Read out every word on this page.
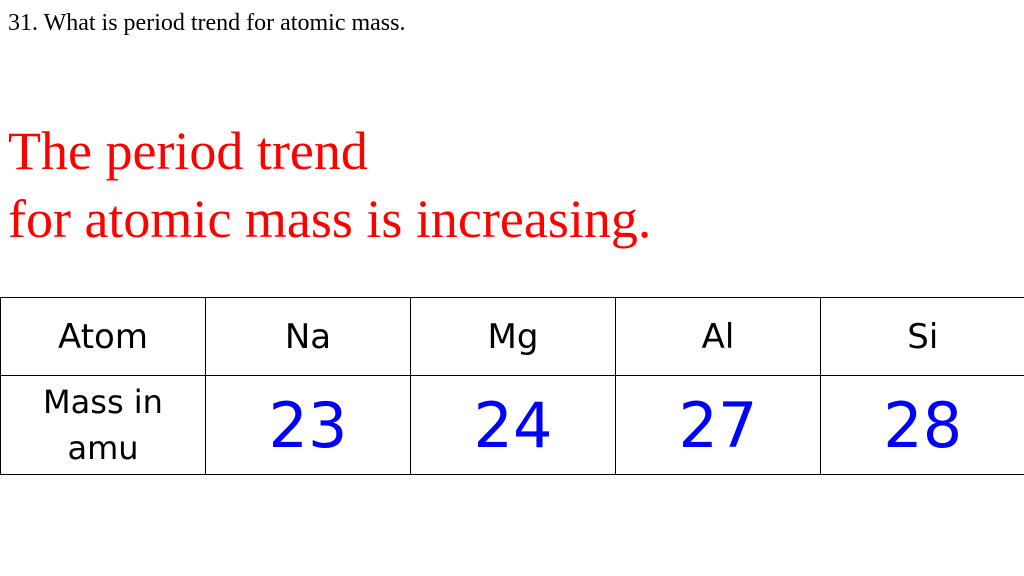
31. What is period trend for atomic mass.
The period trend
for atomic mass is increasing.
Atom	Na	Mg	Al	Si

Mass in
amu	23	24	27	28
